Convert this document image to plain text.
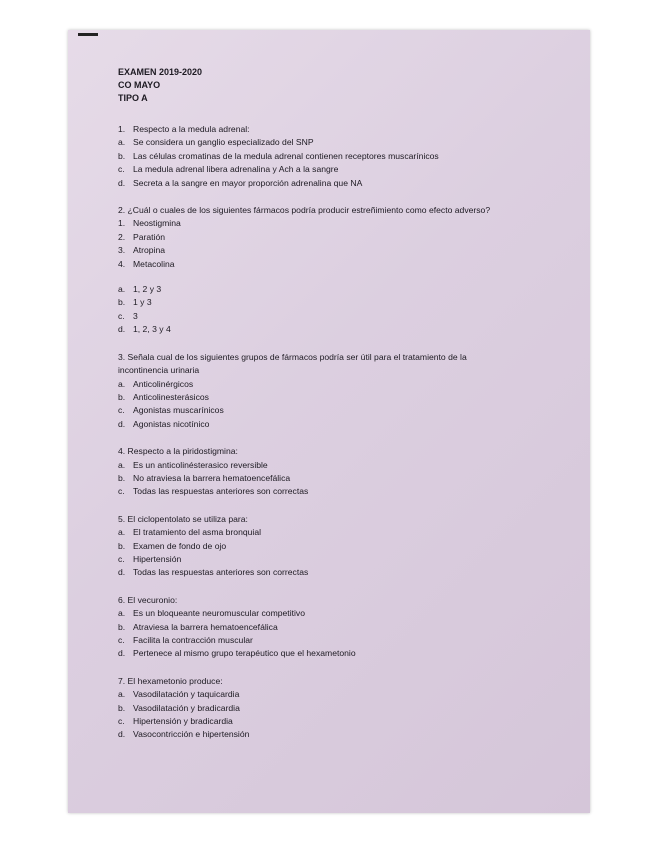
EXAMEN 2019-2020
CO MAYO
TIPO A
1. Respecto a la medula adrenal:
a. Se considera un ganglio especializado del SNP
b. Las células cromatinas de la medula adrenal contienen receptores muscarínicos
c. La medula adrenal libera adrenalina y Ach a la sangre
d. Secreta a la sangre en mayor proporción adrenalina que NA
2. ¿Cuál o cuales de los siguientes fármacos podría producir estreñimiento como efecto adverso?
1. Neostigmina
2. Paratión
3. Atropina
4. Metacolina
a. 1, 2 y 3
b. 1 y 3
c. 3
d. 1, 2, 3 y 4
3. Señala cual de los siguientes grupos de fármacos podría ser útil para el tratamiento de la
incontinencia urinaria
a. Anticolinérgicos
b. Anticolinesterásicos
c. Agonistas muscarínicos
d. Agonistas nicotínico
4. Respecto a la piridostigmina:
a. Es un anticolinésterasico reversible
b. No atraviesa la barrera hematoencefálica
c. Todas las respuestas anteriores son correctas
5. El ciclopentolato se utiliza para:
a. El tratamiento del asma bronquial
b. Examen de fondo de ojo
c. Hipertensión
d. Todas las respuestas anteriores son correctas
6. El vecuronio:
a. Es un bloqueante neuromuscular competitivo
b. Atraviesa la barrera hematoencefálica
c. Facilita la contracción muscular
d. Pertenece al mismo grupo terapéutico que el hexametonio
7. El hexametonio produce:
a. Vasodilatación y taquicardia
b. Vasodilatación y bradicardia
c. Hipertensión y bradicardia
d. Vasocontricción e hipertensión
